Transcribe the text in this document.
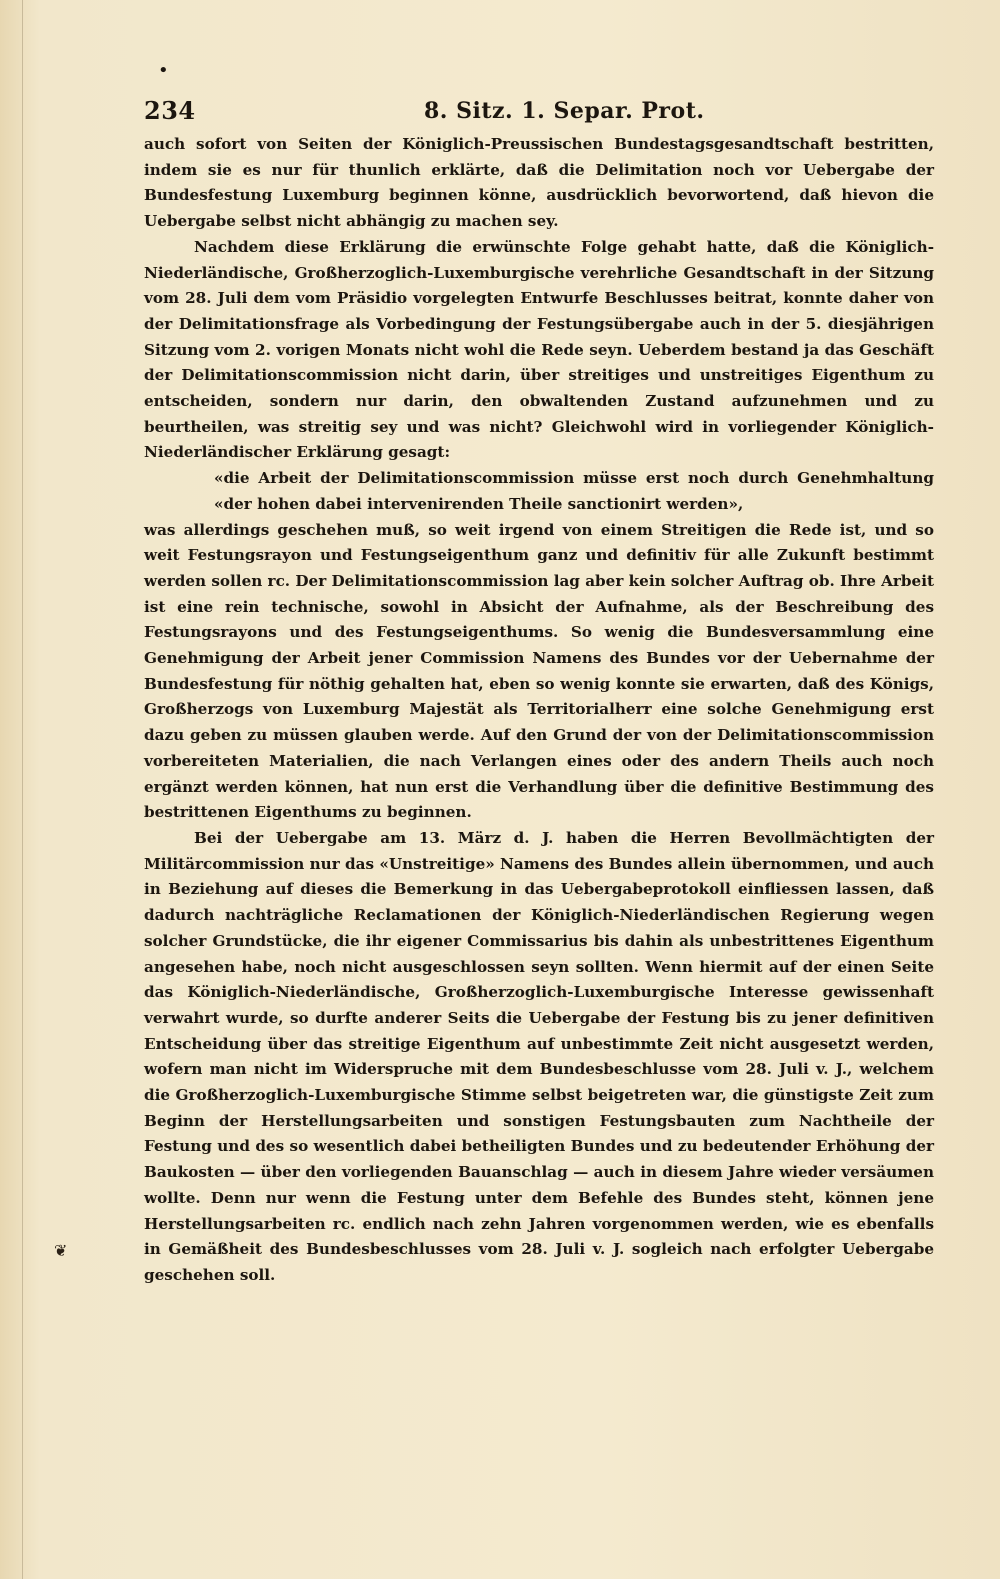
•
❦
234	8. Sitz. 1. Separ. Prot.

auch sofort von Seiten der Königlich-Preussischen Bundestagsgesandtschaft bestritten, indem sie es nur für thunlich erklärte, daß die Delimitation noch vor Uebergabe der Bundesfestung Luxemburg beginnen könne, ausdrücklich bevorwortend, daß hievon die Uebergabe selbst nicht abhängig zu machen sey.

Nachdem diese Erklärung die erwünschte Folge gehabt hatte, daß die Königlich-Niederländische, Großherzoglich-Luxemburgische verehrliche Gesandtschaft in der Sitzung vom 28. Juli dem vom Präsidio vorgelegten Entwurfe Beschlusses beitrat, konnte daher von der Delimitationsfrage als Vorbedingung der Festungsübergabe auch in der 5. diesjährigen Sitzung vom 2. vorigen Monats nicht wohl die Rede seyn. Ueberdem bestand ja das Geschäft der Delimitationscommission nicht darin, über streitiges und unstreitiges Eigenthum zu entscheiden, sondern nur darin, den obwaltenden Zustand aufzunehmen und zu beurtheilen, was streitig sey und was nicht? Gleichwohl wird in vorliegender Königlich-Niederländischer Erklärung gesagt:

«die Arbeit der Delimitationscommission müsse erst noch durch Genehmhaltung «der hohen dabei intervenirenden Theile sanctionirt werden»,

was allerdings geschehen muß, so weit irgend von einem Streitigen die Rede ist, und so weit Festungsrayon und Festungseigenthum ganz und definitiv für alle Zukunft bestimmt werden sollen rc. Der Delimitationscommission lag aber kein solcher Auftrag ob. Ihre Arbeit ist eine rein technische, sowohl in Absicht der Aufnahme, als der Beschreibung des Festungsrayons und des Festungseigenthums. So wenig die Bundesversammlung eine Genehmigung der Arbeit jener Commission Namens des Bundes vor der Uebernahme der Bundesfestung für nöthig gehalten hat, eben so wenig konnte sie erwarten, daß des Königs, Großherzogs von Luxemburg Majestät als Territorialherr eine solche Genehmigung erst dazu geben zu müssen glauben werde. Auf den Grund der von der Delimitationscommission vorbereiteten Materialien, die nach Verlangen eines oder des andern Theils auch noch ergänzt werden können, hat nun erst die Verhandlung über die definitive Bestimmung des bestrittenen Eigenthums zu beginnen.

Bei der Uebergabe am 13. März d. J. haben die Herren Bevollmächtigten der Militärcommission nur das «Unstreitige» Namens des Bundes allein übernommen, und auch in Beziehung auf dieses die Bemerkung in das Uebergabeprotokoll einfliessen lassen, daß dadurch nachträgliche Reclamationen der Königlich-Niederländischen Regierung wegen solcher Grundstücke, die ihr eigener Commissarius bis dahin als unbestrittenes Eigenthum angesehen habe, noch nicht ausgeschlossen seyn sollten. Wenn hiermit auf der einen Seite das Königlich-Niederländische, Großherzoglich-Luxemburgische Interesse gewissenhaft verwahrt wurde, so durfte anderer Seits die Uebergabe der Festung bis zu jener definitiven Entscheidung über das streitige Eigenthum auf unbestimmte Zeit nicht ausgesetzt werden, wofern man nicht im Widerspruche mit dem Bundesbeschlusse vom 28. Juli v. J., welchem die Großherzoglich-Luxemburgische Stimme selbst beigetreten war, die günstigste Zeit zum Beginn der Herstellungsarbeiten und sonstigen Festungsbauten zum Nachtheile der Festung und des so wesentlich dabei betheiligten Bundes und zu bedeutender Erhöhung der Baukosten — über den vorliegenden Bauanschlag — auch in diesem Jahre wieder versäumen wollte. Denn nur wenn die Festung unter dem Befehle des Bundes steht, können jene Herstellungsarbeiten rc. endlich nach zehn Jahren vorgenommen werden, wie es ebenfalls in Gemäßheit des Bundesbeschlusses vom 28. Juli v. J. sogleich nach erfolgter Uebergabe geschehen soll.
